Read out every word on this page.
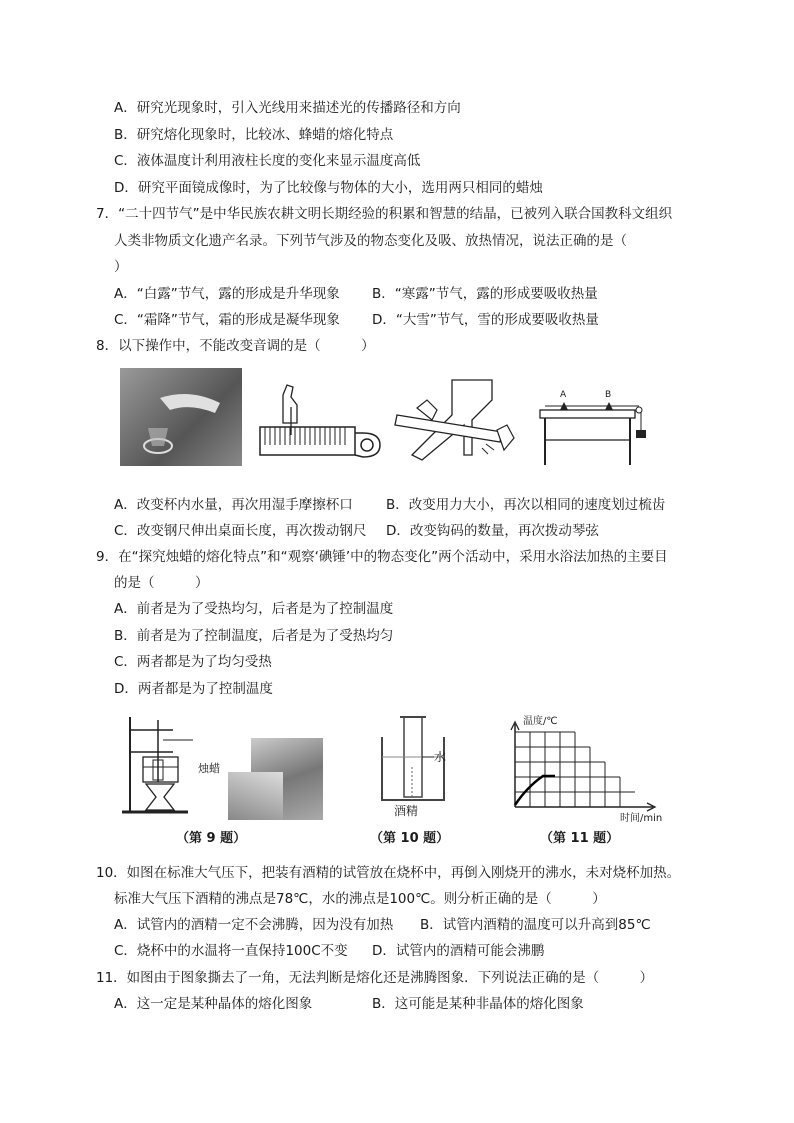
A．研究光现象时，引入光线用来描述光的传播路径和方向
B．研究熔化现象时，比较冰、蜂蜡的熔化特点
C．液体温度计利用液柱长度的变化来显示温度高低
D．研究平面镜成像时，为了比较像与物体的大小，选用两只相同的蜡烛
7．“二十四节气”是中华民族农耕文明长期经验的积累和智慧的结晶，已被列入联合国教科文组织
人类非物质文化遗产名录。下列节气涉及的物态变化及吸、放热情况，说法正确的是（
）
A．“白露”节气，露的形成是升华现象 B．“寒露”节气，露的形成要吸收热量
C．“霜降”节气，霜的形成是凝华现象 D．“大雪”节气，雪的形成要吸收热量
8．以下操作中，不能改变音调的是（　　　）
A	B
A．改变杯内水量，再次用湿手摩擦杯口 B．改变用力大小，再次以相同的速度划过梳齿
C．改变钢尺伸出桌面长度，再次拨动钢尺 D．改变钩码的数量，再次拨动琴弦
9．在“探究烛蜡的熔化特点”和“观察‘碘锤’中的物态变化”两个活动中，采用水浴法加热的主要目
的是（　　　）
A．前者是为了受热均匀，后者是为了控制温度
B．前者是为了控制温度，后者是为了受热均匀
C．两者都是为了均匀受热
D．两者都是为了控制温度
烛蜡
（第 9 题）
水
酒精
（第 10 题）
温度/℃
时间/min
（第 11 题）
10．如图在标准大气压下，把装有酒精的试管放在烧杯中，再倒入刚烧开的沸水，未对烧杯加热。
标准大气压下酒精的沸点是78℃，水的沸点是100℃。则分析正确的是（　　　）
A．试管内的酒精一定不会沸腾，因为没有加热 B．试管内酒精的温度可以升高到85℃
C．烧杯中的水温将一直保持100C不变 D．试管内的酒精可能会沸鹏
11．如图由于图象撕去了一角，无法判断是熔化还是沸腾图象．下列说法正确的是（　　　）
A．这一定是某种晶体的熔化图象	B．这可能是某种非晶体的熔化图象
